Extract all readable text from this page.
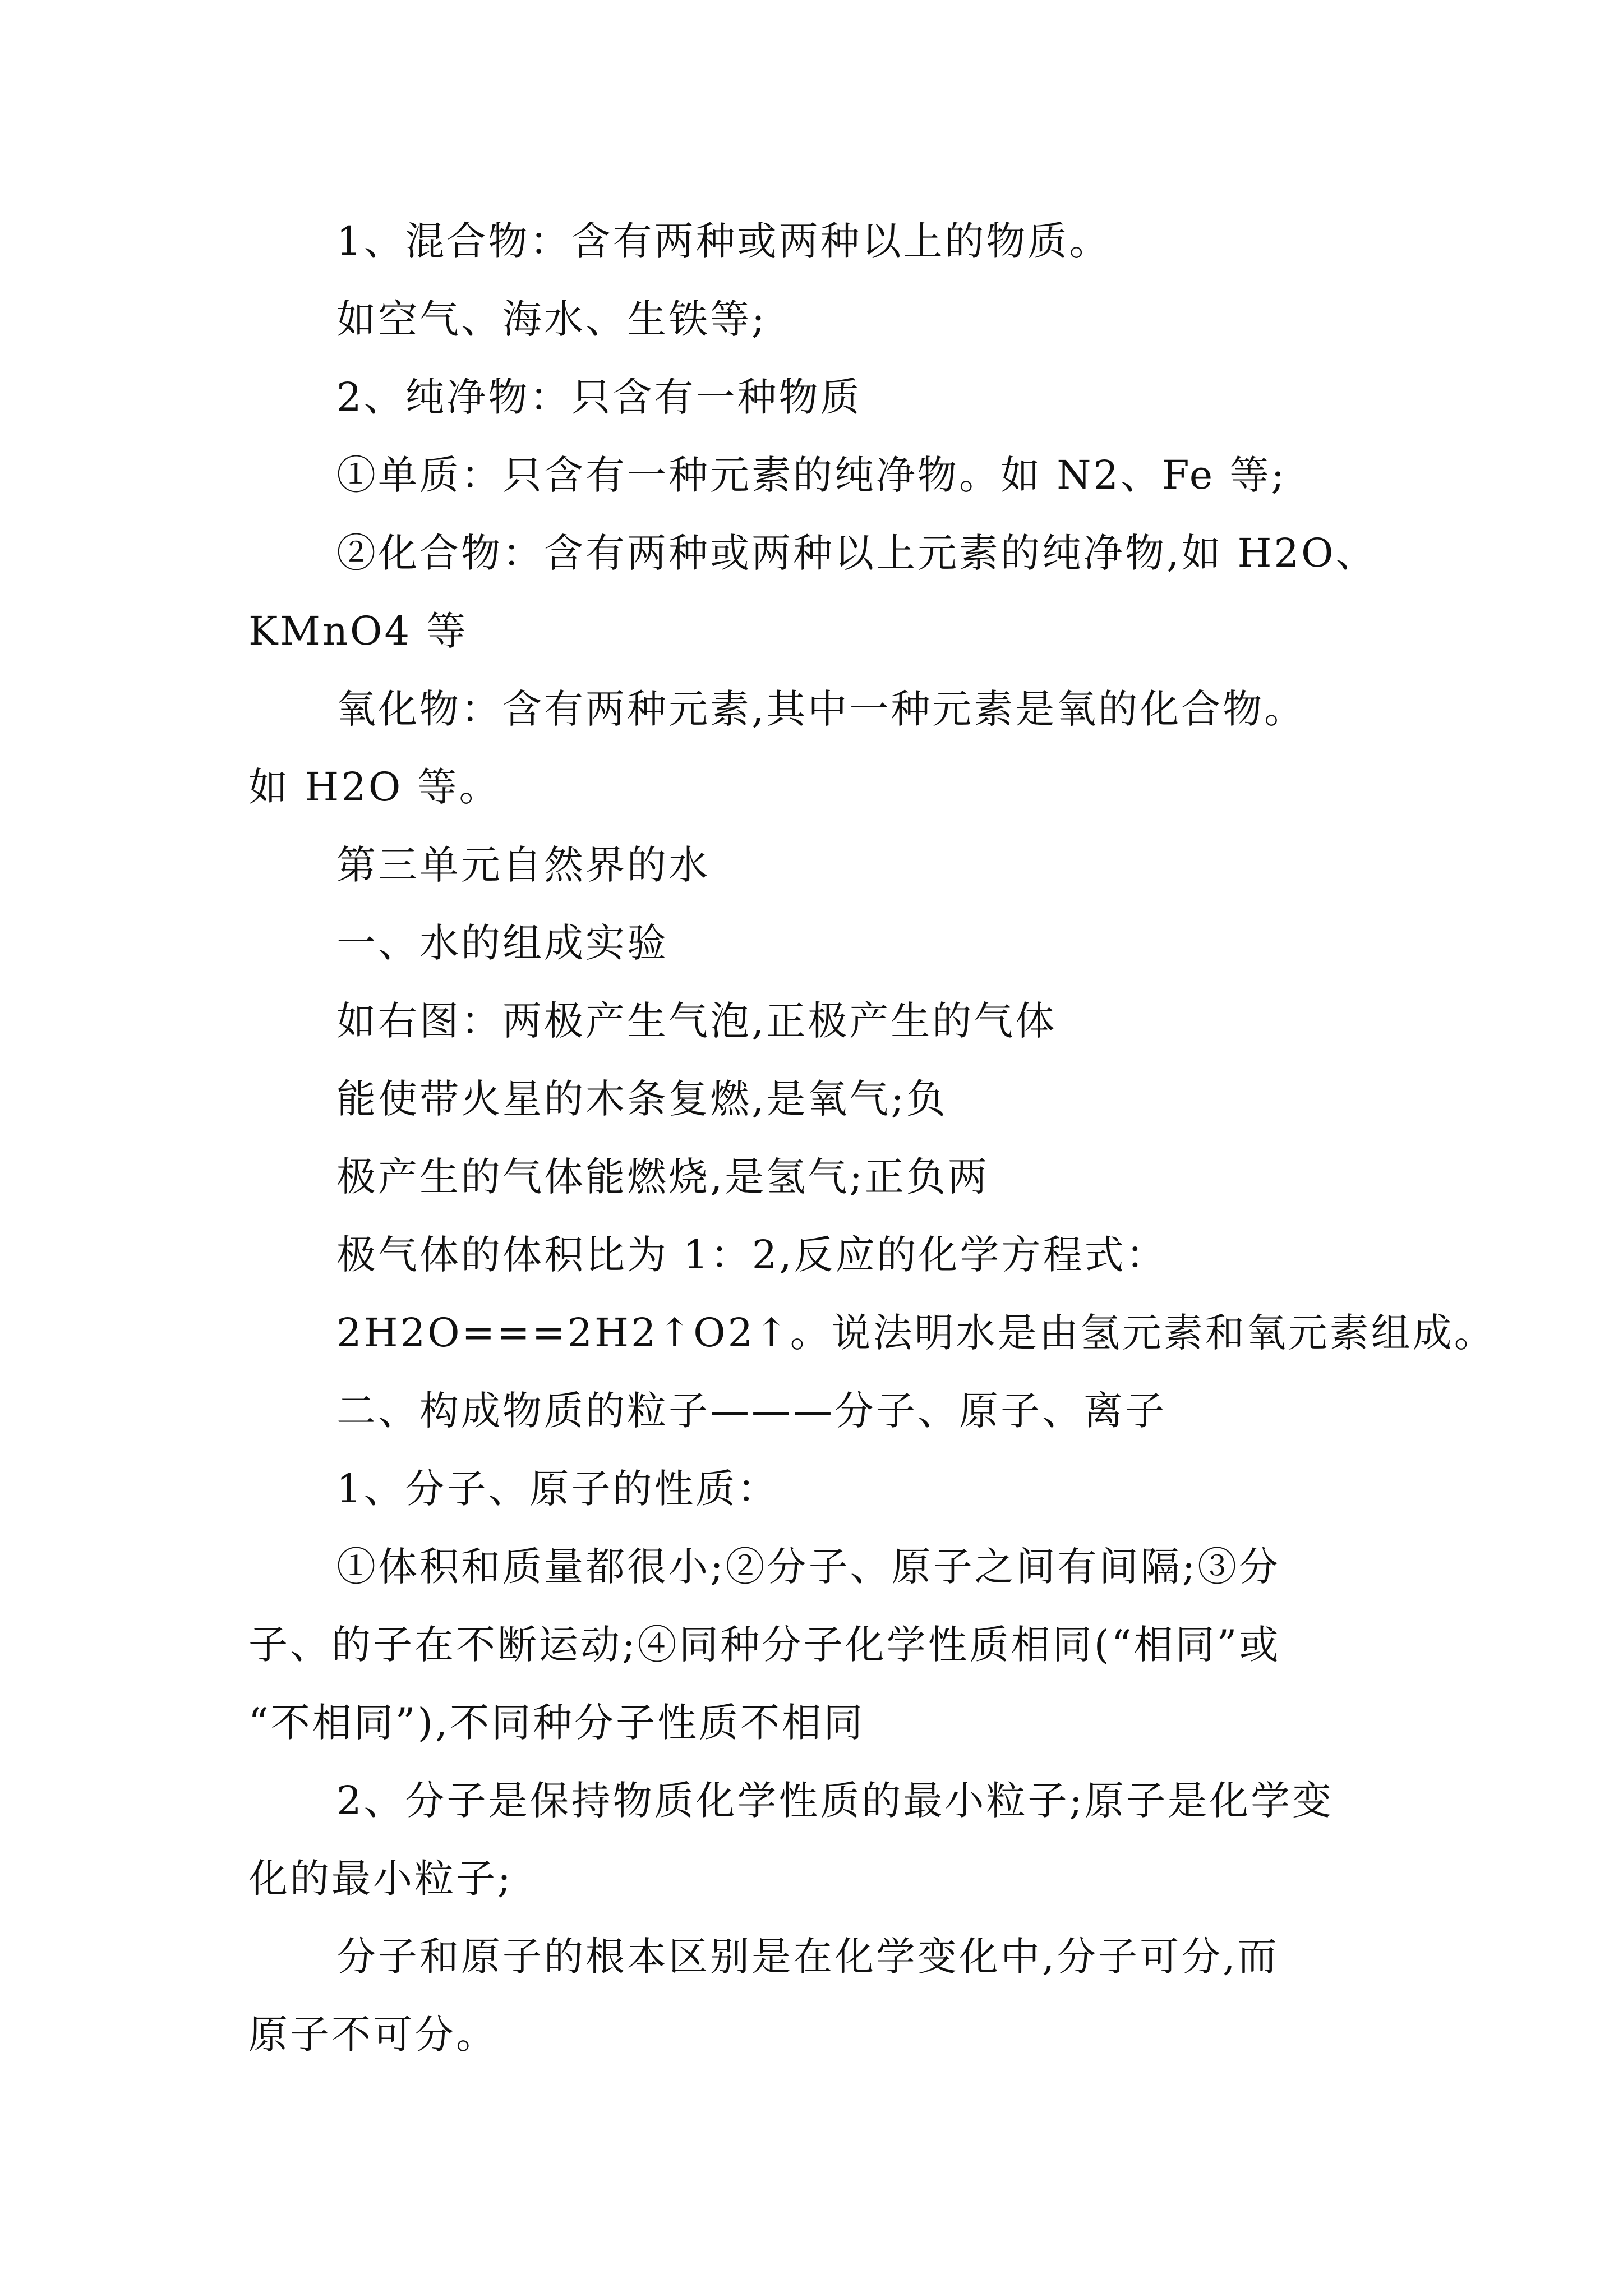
1、混合物：含有两种或两种以上的物质。
如空气、海水、生铁等;
2、纯净物：只含有一种物质
①单质：只含有一种元素的纯净物。如 N2、Fe 等;
②化合物：含有两种或两种以上元素的纯净物,如 H2O、
KMnO4 等
氧化物：含有两种元素,其中一种元素是氧的化合物。
如 H2O 等。
第三单元自然界的水
一、水的组成实验
如右图：两极产生气泡,正极产生的气体
能使带火星的木条复燃,是氧气;负
极产生的气体能燃烧,是氢气;正负两
极气体的体积比为 1：2,反应的化学方程式：
2H2O===2H2↑O2↑。说法明水是由氢元素和氧元素组成。
二、构成物质的粒子———分子、原子、离子
1、分子、原子的性质：
①体积和质量都很小;②分子、原子之间有间隔;③分
子、的子在不断运动;④同种分子化学性质相同(“相同”或
“不相同”),不同种分子性质不相同
2、分子是保持物质化学性质的最小粒子;原子是化学变
化的最小粒子;
分子和原子的根本区别是在化学变化中,分子可分,而
原子不可分。
